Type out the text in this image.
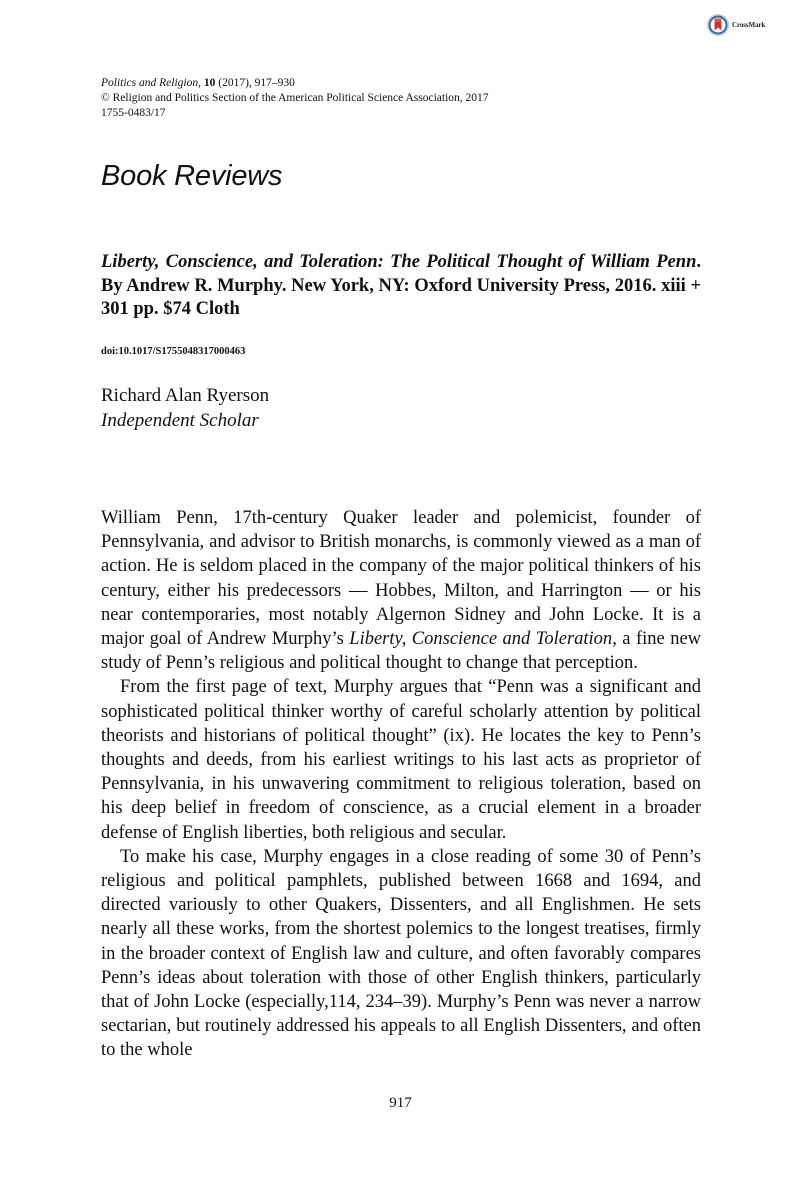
CrossMark
Politics and Religion, 10 (2017), 917–930
© Religion and Politics Section of the American Political Science Association, 2017
1755-0483/17
Book Reviews

Liberty, Conscience, and Toleration: The Political Thought of William Penn. By Andrew R. Murphy. New York, NY: Oxford University Press, 2016. xiii + 301 pp. $74 Cloth

doi:10.1017/S1755048317000463
Richard Alan Ryerson
Independent Scholar

William Penn, 17th-century Quaker leader and polemicist, founder of Pennsylvania, and advisor to British monarchs, is commonly viewed as a man of action. He is seldom placed in the company of the major political thinkers of his century, either his predecessors — Hobbes, Milton, and Harrington — or his near contemporaries, most notably Algernon Sidney and John Locke. It is a major goal of Andrew Murphy’s Liberty, Conscience and Toleration, a fine new study of Penn’s religious and political thought to change that perception.

From the first page of text, Murphy argues that “Penn was a significant and sophisticated political thinker worthy of careful scholarly attention by political theorists and historians of political thought” (ix). He locates the key to Penn’s thoughts and deeds, from his earliest writings to his last acts as proprietor of Pennsylvania, in his unwavering commitment to religious toleration, based on his deep belief in freedom of conscience, as a crucial element in a broader defense of English liberties, both religious and secular.

To make his case, Murphy engages in a close reading of some 30 of Penn’s religious and political pamphlets, published between 1668 and 1694, and directed variously to other Quakers, Dissenters, and all Englishmen. He sets nearly all these works, from the shortest polemics to the longest treatises, firmly in the broader context of English law and culture, and often favorably compares Penn’s ideas about toleration with those of other English thinkers, particularly that of John Locke (especially,114, 234–39). Murphy’s Penn was never a narrow sectarian, but routinely addressed his appeals to all English Dissenters, and often to the whole

917
